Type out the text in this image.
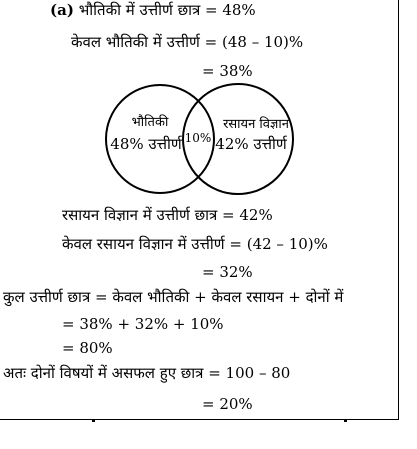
(a) भौतिकी में उत्तीर्ण छात्र = 48%
केवल भौतिकी में उत्तीर्ण = (48 – 10)%
= 38%
भौतिकी
48% उत्तीर्ण 10%
रसायन विज्ञान
42% उत्तीर्ण
रसायन विज्ञान में उत्तीर्ण छात्र = 42%
केवल रसायन विज्ञान में उत्तीर्ण = (42 – 10)%
= 32%
कुल उत्तीर्ण छात्र = केवल भौतिकी + केवल रसायन + दोनों में
= 38% + 32% + 10%
= 80%
अतः दोनों विषयों में असफल हुए छात्र = 100 – 80
= 20%
